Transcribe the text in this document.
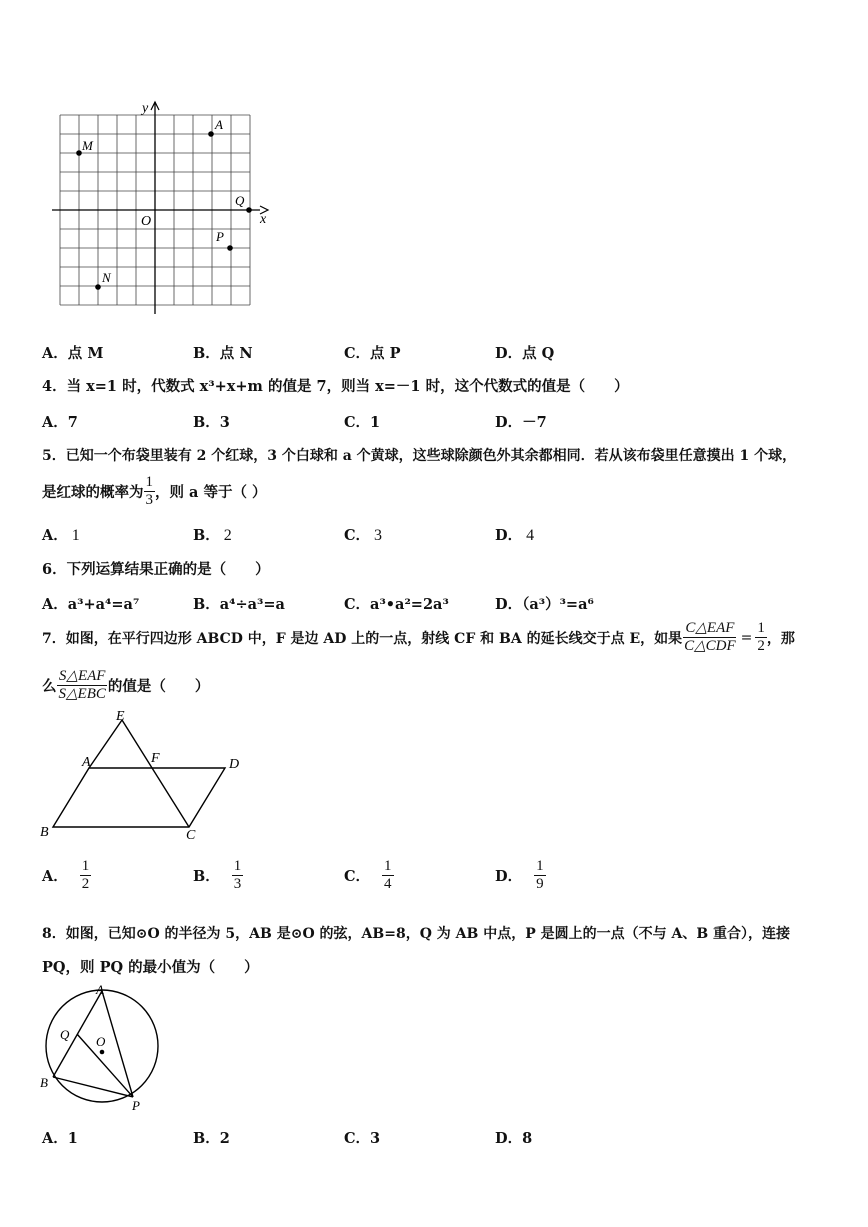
x
y
O
M
A
Q
P
N
A．点 M	B．点 N	C．点 P	D．点 Q
4．当 x=1 时，代数式 x³+x+m 的值是 7，则当 x=－1 时，这个代数式的值是（　　）
A．7	B．3	C．1	D．－7
5．已知一个布袋里装有 2 个红球，3 个白球和 a 个黄球，这些球除颜色外其余都相同．若从该布袋里任意摸出 1 个球，
是红球的概率为 $\frac{1}{3}$ ，则 a 等于（ ）
A． 1	B． 2	C． 3	D． 4
6．下列运算结果正确的是（　　）
A．a³+a⁴=a⁷	B．a⁴÷a³=a	C．a³•a²=2a³	D．（a³）³=a⁶
7． 如图，在平行四边形 ABCD 中，F 是边 AD 上的一点，射线 CF 和 BA 的延长线交于点 E，如果 $\frac{\text{C△EAF}}{\text{C△CDF}} = \frac{1}{2}$ ，那
么 $\frac{\text{S△EAF}}{\text{S△EBC}}$ 的值是（　　）
E
A	F	D
B	C
A． $\frac{1}{2}$	B． $\frac{1}{3}$	C． $\frac{1}{4}$	D． $\frac{1}{9}$
8．如图，已知⊙O 的半径为 5，AB 是⊙O 的弦，AB=8，Q 为 AB 中点，P 是圆上的一点（不与 A、B 重合），连接
PQ，则 PQ 的最小值为（　　）
A
Q O
B
P
A．1	B．2	C．3	D．8
